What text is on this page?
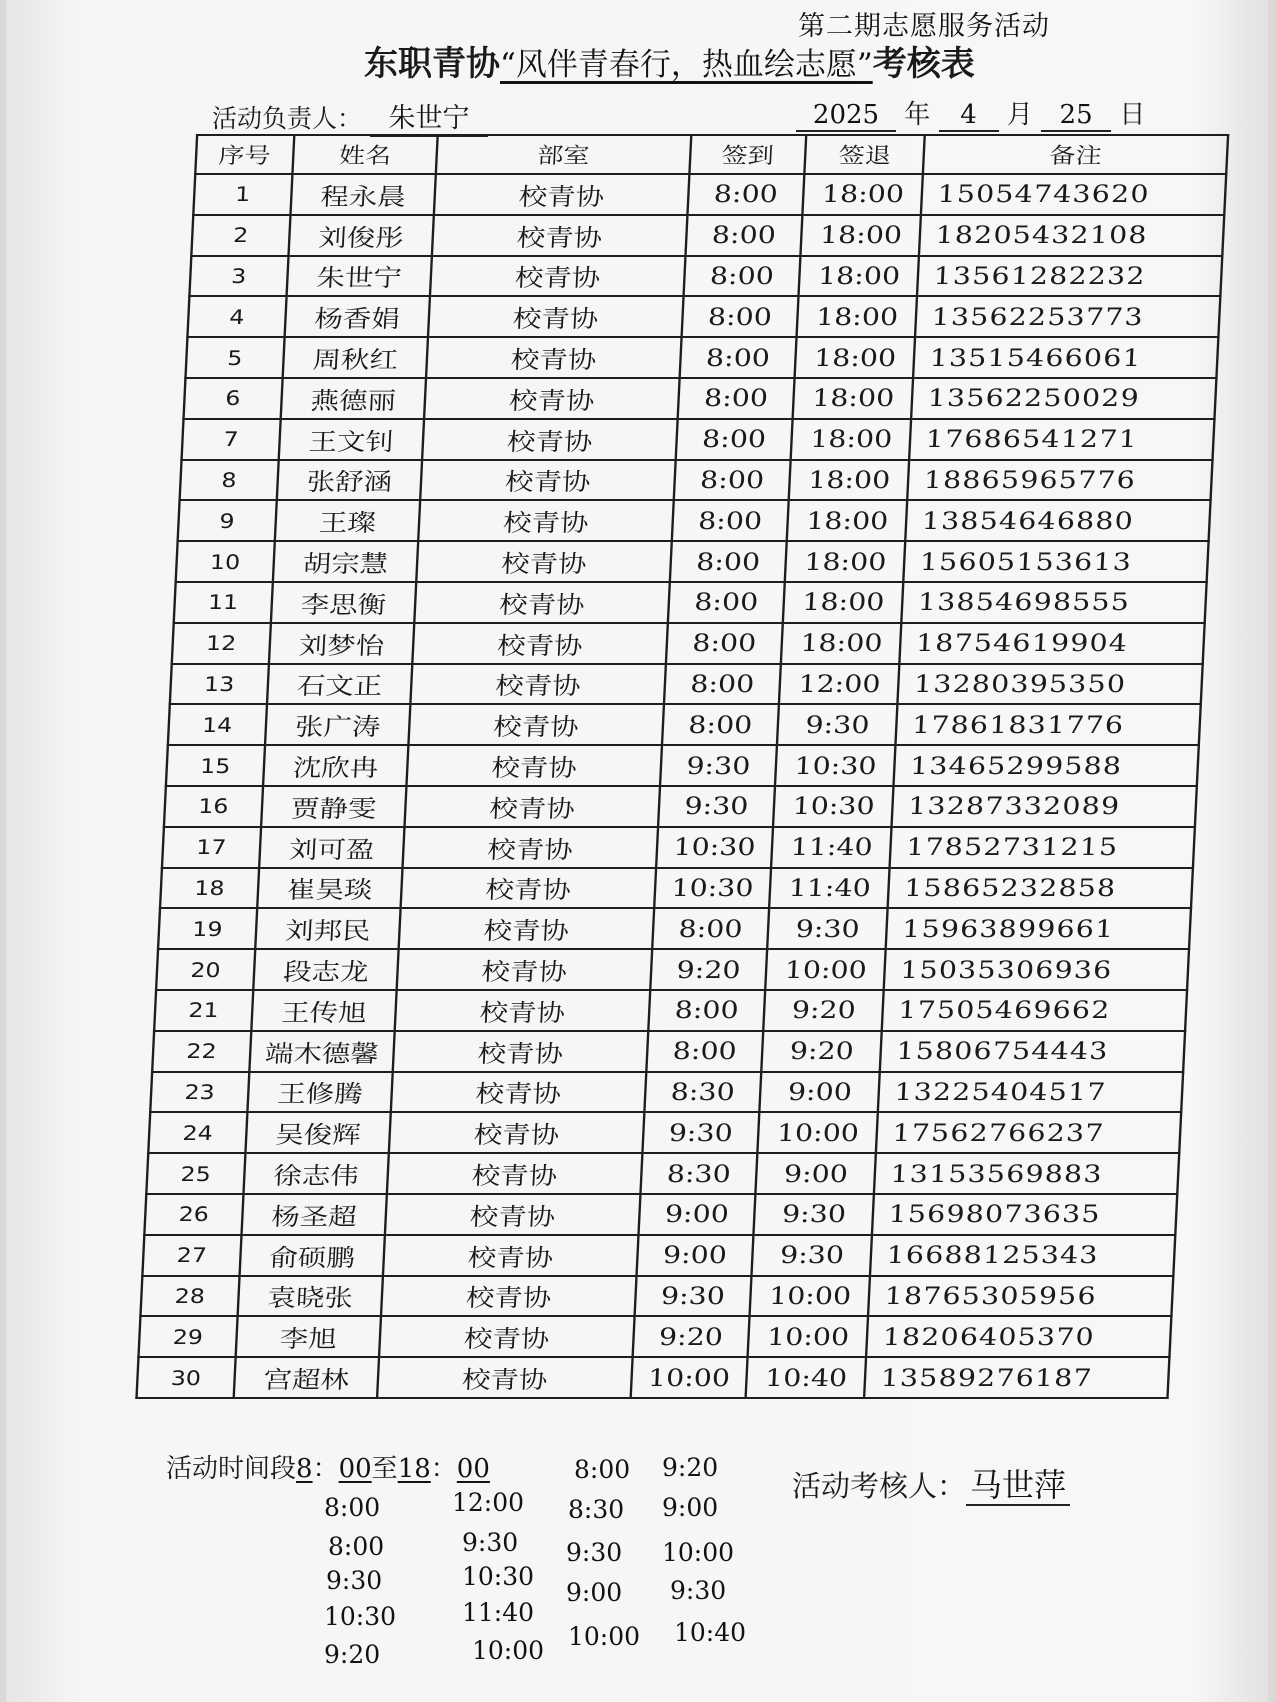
第二期志愿服务活动
东职青协“风伴青春行，热血绘志愿”考核表
活动负责人： 朱世宁	2025 年 4 月 25 日
序号	姓名	部室	签到	签退	备注
1	程永晨	校青协	8:00	18:00	15054743620
2	刘俊彤	校青协	8:00	18:00	18205432108
3	朱世宁	校青协	8:00	18:00	13561282232
4	杨香娟	校青协	8:00	18:00	13562253773
5	周秋红	校青协	8:00	18:00	13515466061
6	燕德丽	校青协	8:00	18:00	13562250029
7	王文钊	校青协	8:00	18:00	17686541271
8	张舒涵	校青协	8:00	18:00	18865965776
9	王璨	校青协	8:00	18:00	13854646880
10	胡宗慧	校青协	8:00	18:00	15605153613
11	李思衡	校青协	8:00	18:00	13854698555
12	刘梦怡	校青协	8:00	18:00	18754619904
13	石文正	校青协	8:00	12:00	13280395350
14	张广涛	校青协	8:00	9:30	17861831776
15	沈欣冉	校青协	9:30	10:30	13465299588
16	贾静雯	校青协	9:30	10:30	13287332089
17	刘可盈	校青协	10:30	11:40	17852731215
18	崔昊琰	校青协	10:30	11:40	15865232858
19	刘邦民	校青协	8:00	9:30	15963899661
20	段志龙	校青协	9:20	10:00	15035306936
21	王传旭	校青协	8:00	9:20	17505469662
22	端木德馨	校青协	8:00	9:20	15806754443
23	王修腾	校青协	8:30	9:00	13225404517
24	吴俊辉	校青协	9:30	10:00	17562766237
25	徐志伟	校青协	8:30	9:00	13153569883
26	杨圣超	校青协	9:00	9:30	15698073635
27	俞硕鹏	校青协	9:00	9:30	16688125343
28	袁晓张	校青协	9:30	10:00	18765305956
29	李旭	校青协	9:20	10:00	18206405370
30	宫超林	校青协	10:00	10:40	13589276187
活动时间段8：00至18：00
8:00	12:00
8:00	9:30
9:30	10:30
10:30	11:40
9:20	10:00
8:00 9:20
8:30 9:00
9:30 10:00
9:00 9:30
10:00 10:40
活动考核人： 马世萍
